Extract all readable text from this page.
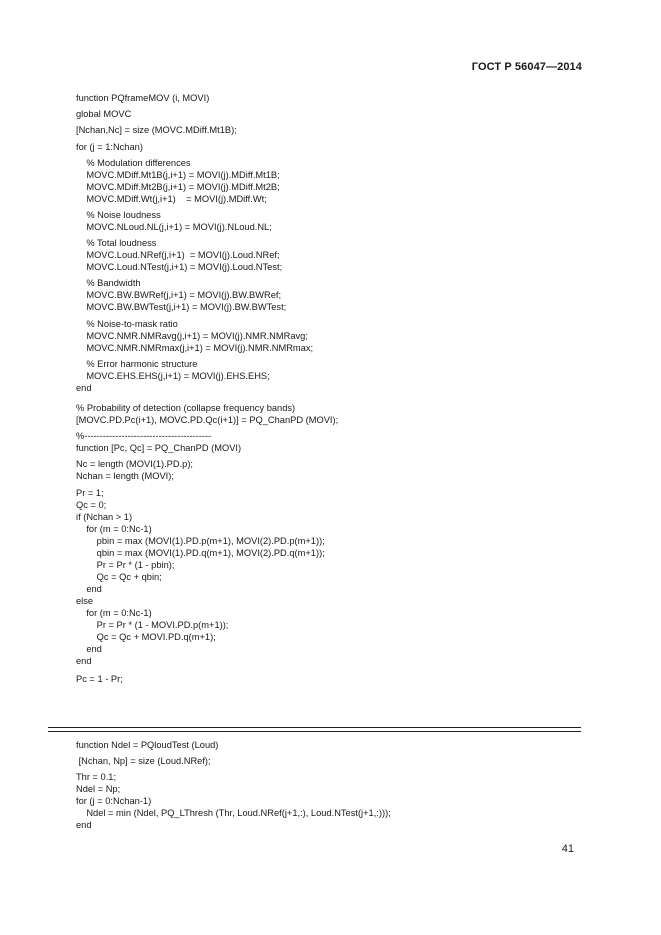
ГОСТ Р 56047—2014
function PQframeMOV (i, MOVI)
global MOVC
[Nchan,Nc] = size (MOVC.MDiff.Mt1B);
for (j = 1:Nchan)
% Modulation differences
MOVC.MDiff.Mt1B(j,i+1) = MOVI(j).MDiff.Mt1B;
MOVC.MDiff.Mt2B(j,i+1) = MOVI(j).MDiff.Mt2B;
MOVC.MDiff.Wt(j,i+1)    = MOVI(j).MDiff.Wt;
% Noise loudness
MOVC.NLoud.NL(j,i+1) = MOVI(j).NLoud.NL;
% Total loudness
MOVC.Loud.NRef(j,i+1)  = MOVI(j).Loud.NRef;
MOVC.Loud.NTest(j,i+1) = MOVI(j).Loud.NTest;
% Bandwidth
MOVC.BW.BWRef(j,i+1) = MOVI(j).BW.BWRef;
MOVC.BW.BWTest(j,i+1) = MOVI(j).BW.BWTest;
% Noise-to-mask ratio
MOVC.NMR.NMRavg(j,i+1) = MOVI(j).NMR.NMRavg;
MOVC.NMR.NMRmax(j,i+1) = MOVI(j).NMR.NMRmax;
% Error harmonic structure
MOVC.EHS.EHS(j,i+1) = MOVI(j).EHS.EHS;
end
% Probability of detection (collapse frequency bands)
[MOVC.PD.Pc(i+1), MOVC.PD.Qc(i+1)] = PQ_ChanPD (MOVI);
%-----------------------------------------
function [Pc, Qc] = PQ_ChanPD (MOVI)
Nc = length (MOVI(1).PD.p);
Nchan = length (MOVI);
Pr = 1;
Qc = 0;
if (Nchan > 1)
for (m = 0:Nc-1)
pbin = max (MOVI(1).PD.p(m+1), MOVI(2).PD.p(m+1));
qbin = max (MOVI(1).PD.q(m+1), MOVI(2).PD.q(m+1));
Pr = Pr * (1 - pbin);
Qc = Qc + qbin;
end
else
for (m = 0:Nc-1)
Pr = Pr * (1 - MOVI.PD.p(m+1));
Qc = Qc + MOVI.PD.q(m+1);
end
end
Pc = 1 - Pr;
function Ndel = PQloudTest (Loud)
[Nchan, Np] = size (Loud.NRef);
Thr = 0.1;
Ndel = Np;
for (j = 0:Nchan-1)
Ndel = min (Ndel, PQ_LThresh (Thr, Loud.NRef(j+1,:), Loud.NTest(j+1,:)));
end
41
